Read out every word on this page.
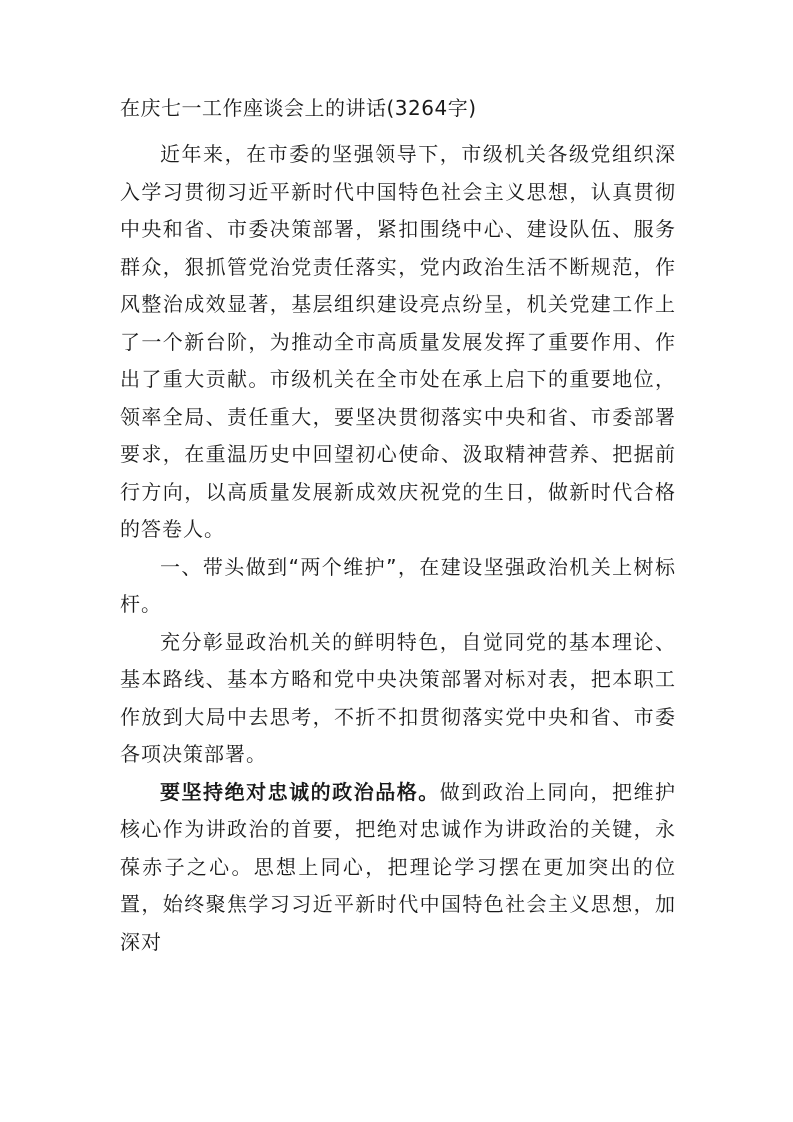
在庆七一工作座谈会上的讲话(3264字)

近年来，在市委的坚强领导下，市级机关各级党组织深入学习贯彻习近平新时代中国特色社会主义思想，认真贯彻中央和省、市委决策部署，紧扣围绕中心、建设队伍、服务群众，狠抓管党治党责任落实，党内政治生活不断规范，作风整治成效显著，基层组织建设亮点纷呈，机关党建工作上了一个新台阶，为推动全市高质量发展发挥了重要作用、作出了重大贡献。市级机关在全市处在承上启下的重要地位，领率全局、责任重大，要坚决贯彻落实中央和省、市委部署要求，在重温历史中回望初心使命、汲取精神营养、把据前行方向，以高质量发展新成效庆祝党的生日，做新时代合格的答卷人。

一、带头做到“两个维护”，在建设坚强政治机关上树标杆。

充分彰显政治机关的鲜明特色，自觉同党的基本理论、基本路线、基本方略和党中央决策部署对标对表，把本职工作放到大局中去思考，不折不扣贯彻落实党中央和省、市委各项决策部署。

要坚持绝对忠诚的政治品格。做到政治上同向，把维护核心作为讲政治的首要，把绝对忠诚作为讲政治的关键，永葆赤子之心。思想上同心，把理论学习摆在更加突出的位置，始终聚焦学习习近平新时代中国特色社会主义思想，加深对
